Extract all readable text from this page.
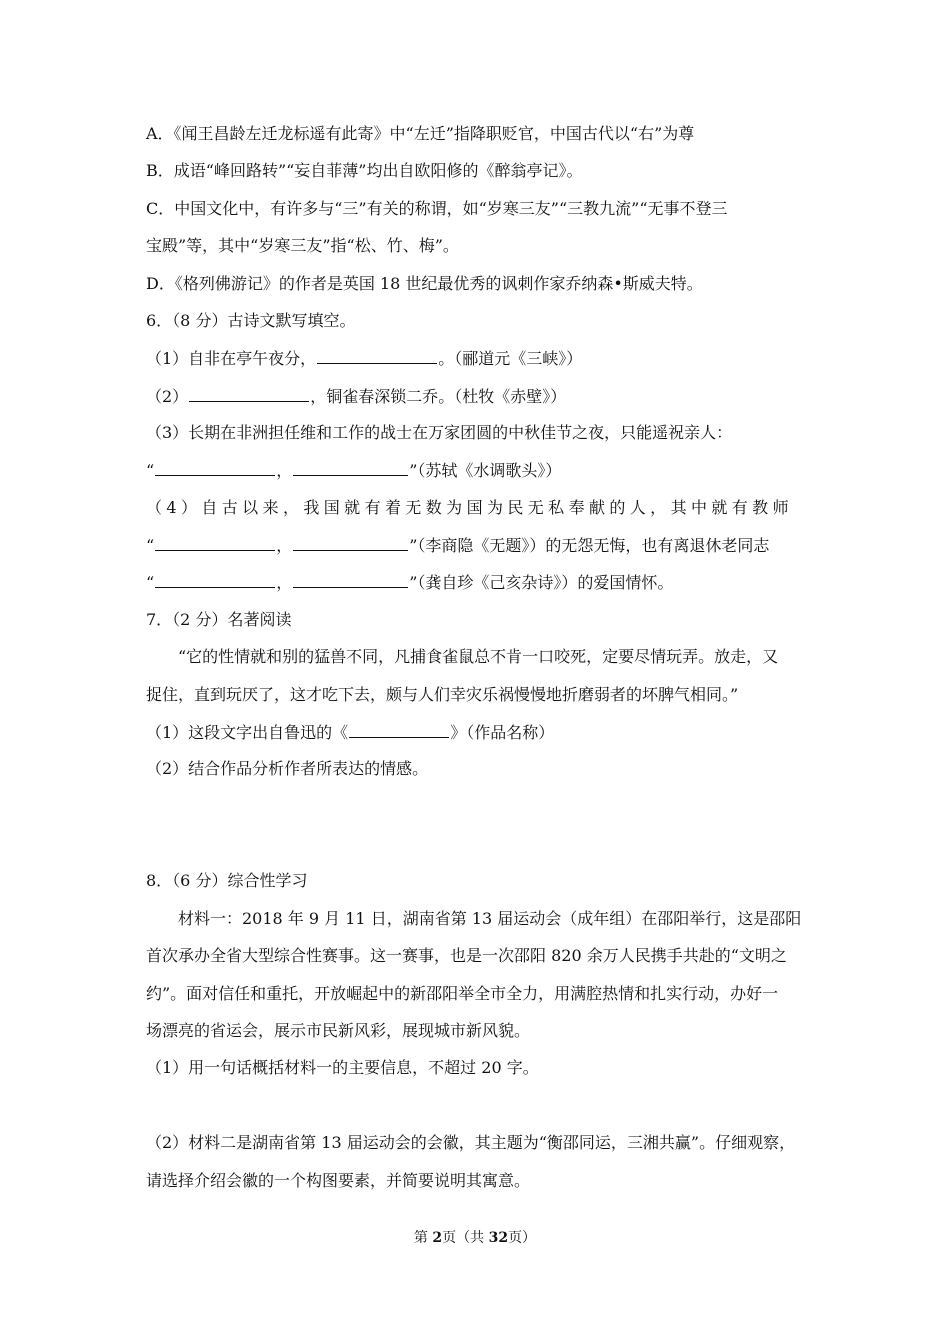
A．《闻王昌龄左迁龙标遥有此寄》中“左迁”指降职贬官，中国古代以“右”为尊
B．成语“峰回路转”“妄自菲薄”均出自欧阳修的《醉翁亭记》。
C．中国文化中，有许多与“三”有关的称谓，如“岁寒三友”“三教九流”“无事不登三
宝殿”等，其中“岁寒三友”指“松、竹、梅”。
D．《格列佛游记》的作者是英国 18 世纪最优秀的讽刺作家乔纳森•斯威夫特。
6．（8 分）古诗文默写填空。
（1）自非在亭午夜分，	。（郦道元《三峡》）
（2）	，铜雀春深锁二乔。（杜牧《赤壁》）
（3）长期在非洲担任维和工作的战士在万家团圆的中秋佳节之夜，只能遥祝亲人：
“	，	”（苏轼《水调歌头》）
（4）自古以来，我国就有着无数为国为民无私奉献的人，其中就有教师
“	，	”（李商隐《无题》）的无怨无悔，也有离退休老同志
“	，	”（龚自珍《己亥杂诗》）的爱国情怀。
7．（2 分）名著阅读
“它的性情就和别的猛兽不同，凡捕食雀鼠总不肯一口咬死，定要尽情玩弄。放走，又
捉住，直到玩厌了，这才吃下去，颇与人们幸灾乐祸慢慢地折磨弱者的坏脾气相同。”
（1）这段文字出自鲁迅的《	》（作品名称）
（2）结合作品分析作者所表达的情感。
8．（6 分）综合性学习
材料一：2018 年 9 月 11 日，湖南省第 13 届运动会（成年组）在邵阳举行，这是邵阳
首次承办全省大型综合性赛事。这一赛事，也是一次邵阳 820 余万人民携手共赴的“文明之
约”。面对信任和重托，开放崛起中的新邵阳举全市全力，用满腔热情和扎实行动，办好一
场漂亮的省运会，展示市民新风彩，展现城市新风貌。
（1）用一句话概括材料一的主要信息，不超过 20 字。
（2）材料二是湖南省第 13 届运动会的会徽，其主题为“衡邵同运，三湘共赢”。仔细观察，
请选择介绍会徽的一个构图要素，并简要说明其寓意。
第 2页（共 32页）
